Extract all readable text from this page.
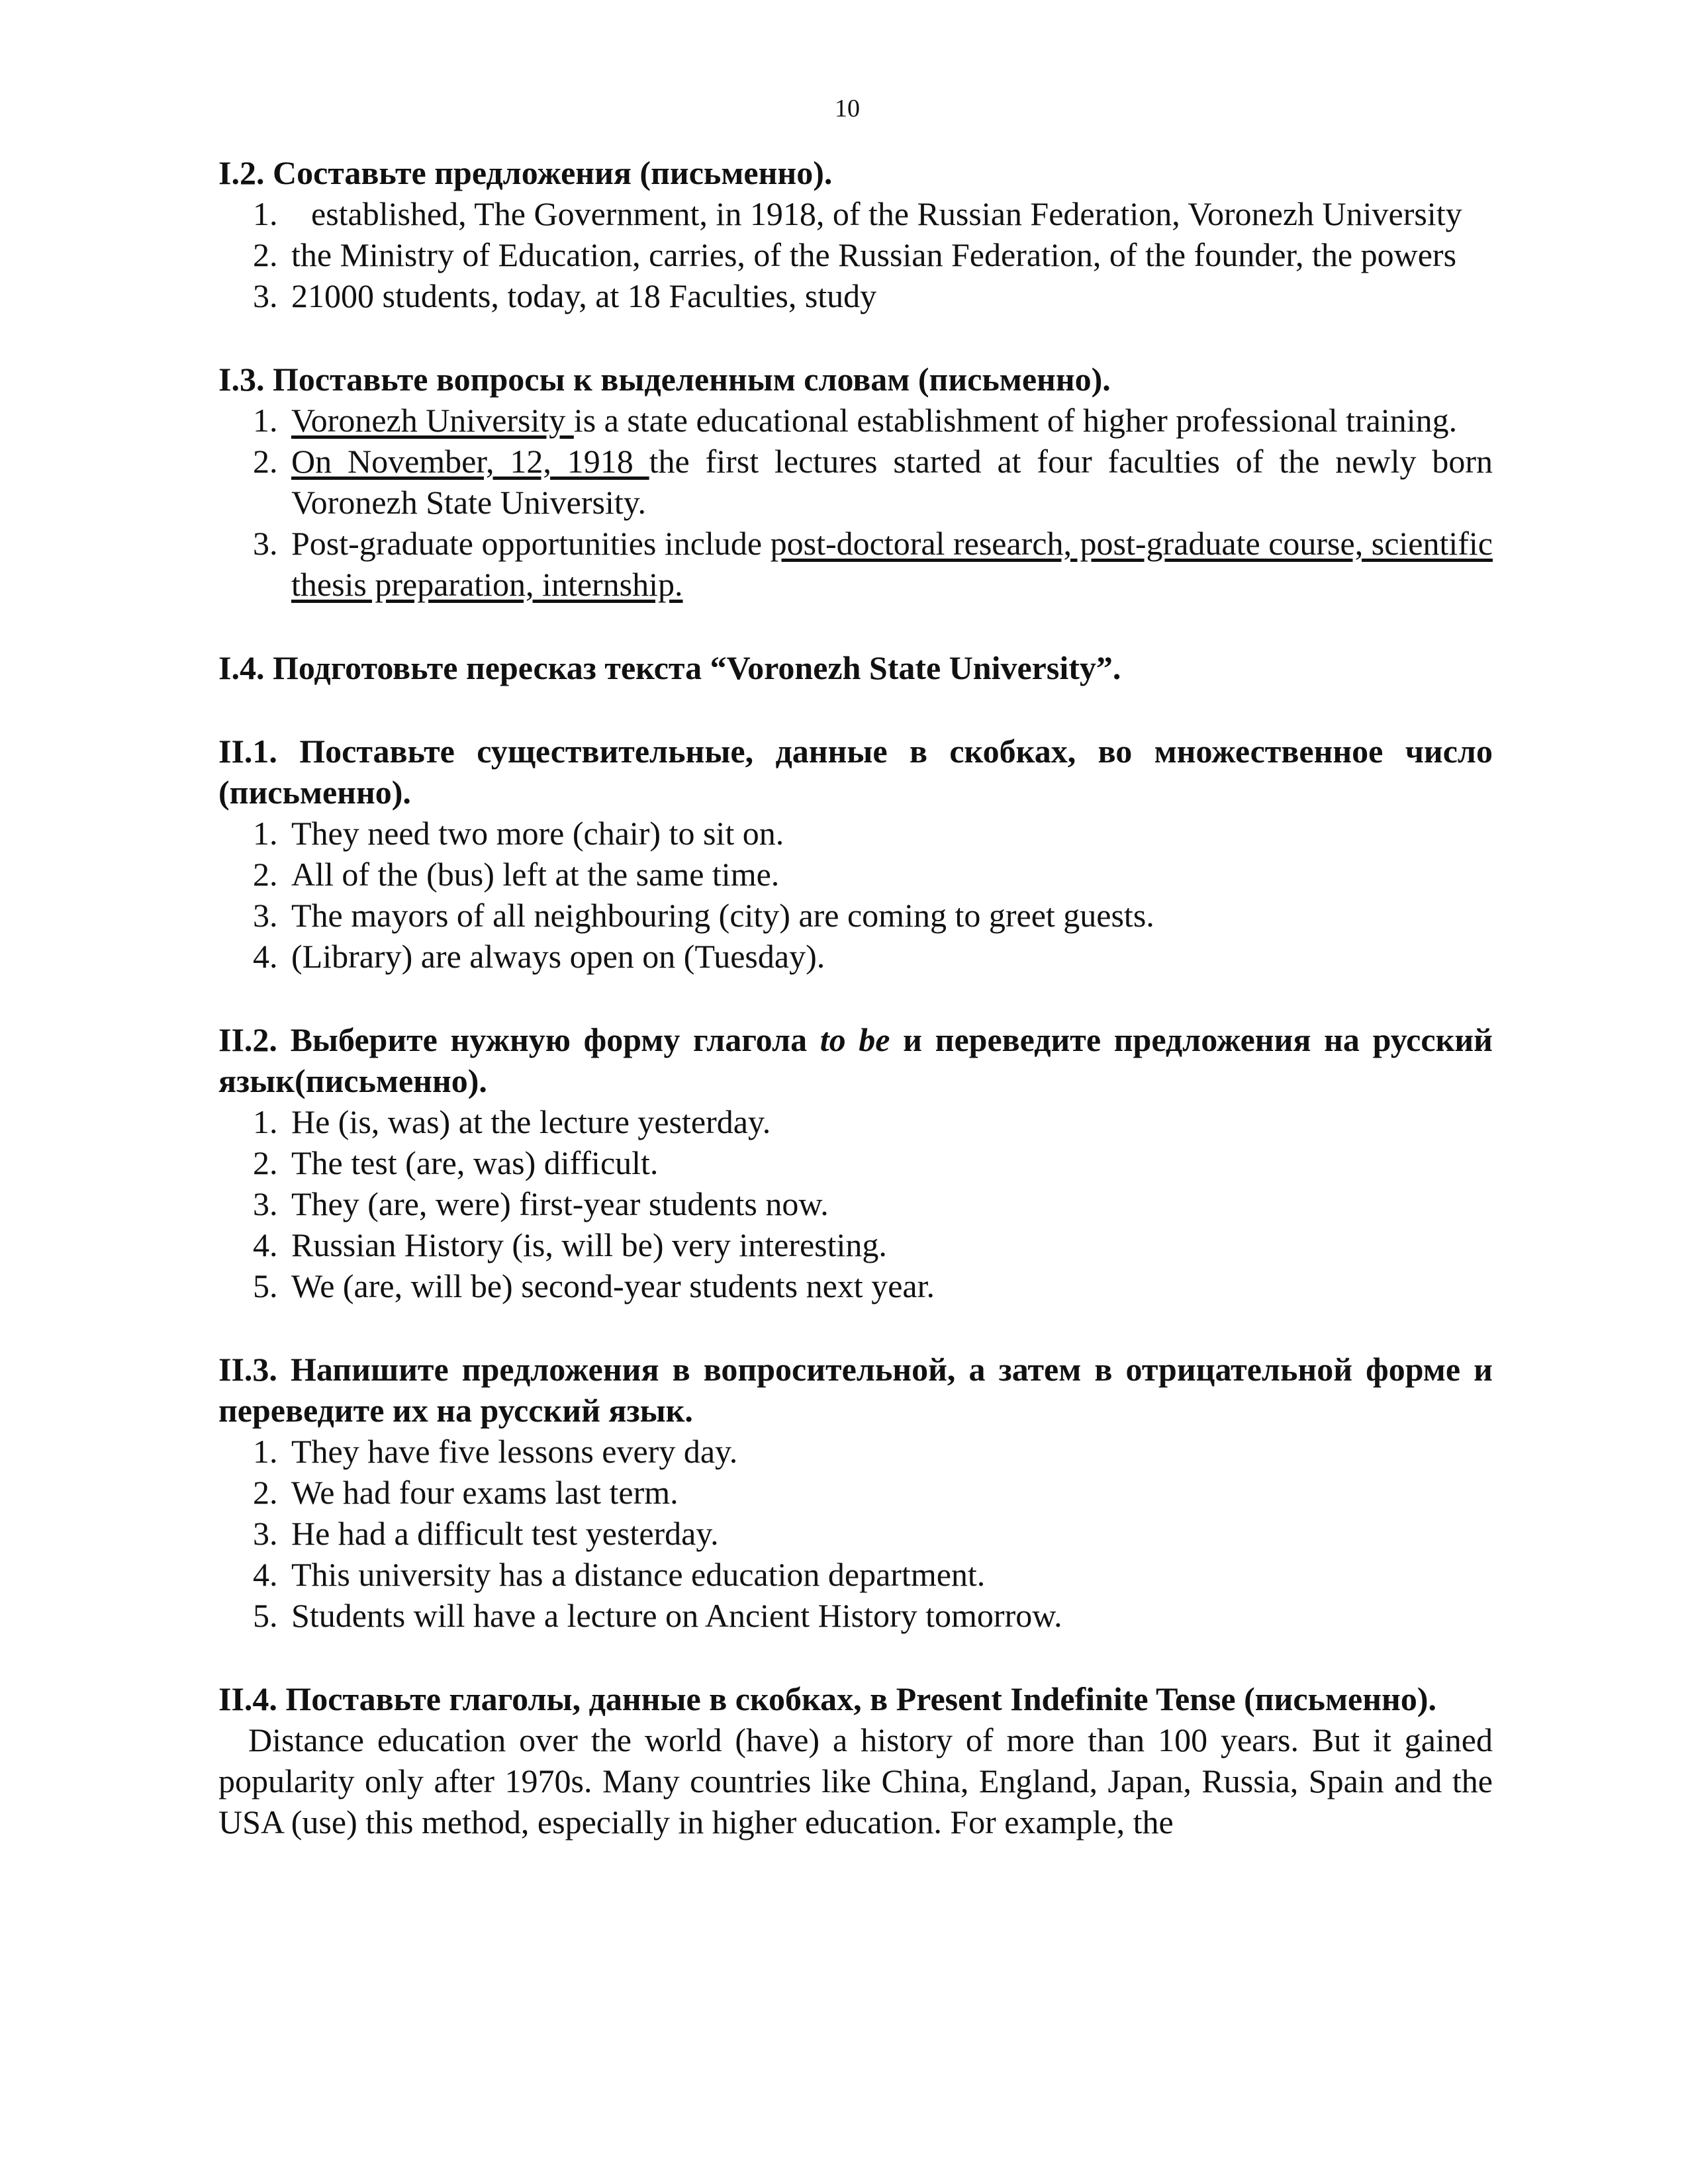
10
I.2. Составьте предложения (письменно).
1. established, The Government, in 1918, of the Russian Federation, Voronezh University
2. the Ministry of Education, carries, of the Russian Federation, of the founder, the powers
3. 21000 students, today, at 18 Faculties, study
I.3. Поставьте вопросы к выделенным словам (письменно).
1. Voronezh University is a state educational establishment of higher professional training.
2. On November, 12, 1918 the first lectures started at four faculties of the newly born Voronezh State University.
3. Post-graduate opportunities include post-doctoral research, post-graduate course, scientific thesis preparation, internship.
I.4. Подготовьте пересказ текста “Voronezh State University”.
II.1. Поставьте существительные, данные в скобках, во множественное число (письменно).
1. They need two more (chair) to sit on.
2. All of the (bus) left at the same time.
3. The mayors of all neighbouring (city) are coming to greet guests.
4. (Library) are always open on (Tuesday).
II.2. Выберите нужную форму глагола to be и переведите предложения на русский язык(письменно).
1. He (is, was) at the lecture yesterday.
2. The test (are, was) difficult.
3. They (are, were) first-year students now.
4. Russian History (is, will be) very interesting.
5. We (are, will be) second-year students next year.
II.3. Напишите предложения в вопросительной, а затем в отрицательной форме и переведите их на русский язык.
1. They have five lessons every day.
2. We had four exams last term.
3. He had a difficult test yesterday.
4. This university has a distance education department.
5. Students will have a lecture on Ancient History tomorrow.
II.4. Поставьте глаголы, данные в скобках, в Present Indefinite Tense (письменно).
Distance education over the world (have) a history of more than 100 years. But it gained popularity only after 1970s. Many countries like China, England, Japan, Russia, Spain and the USA (use) this method, especially in higher education. For example, the
